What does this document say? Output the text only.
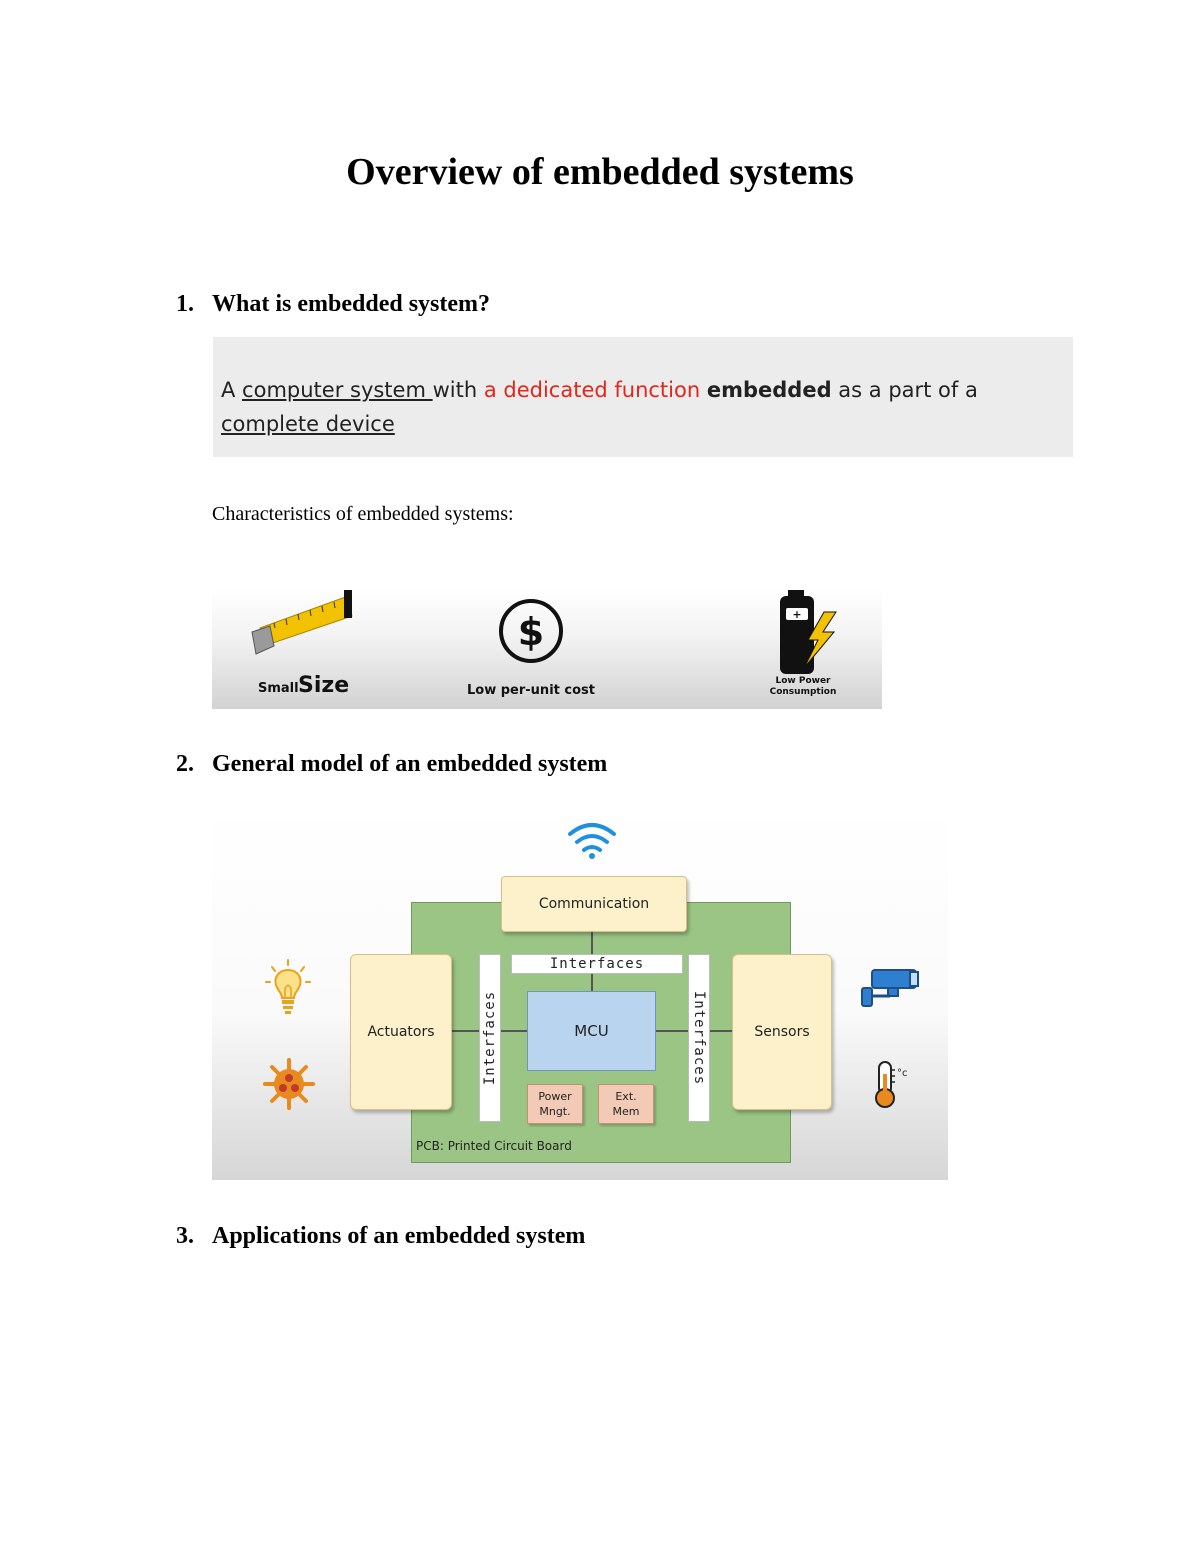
Overview of embedded systems
1. What is embedded system?
A computer system with a dedicated function embedded as a part of a
complete device
Characteristics of embedded systems:
Small Size
$
Low per-unit cost
+
Low Power
Consumption
2. General model of an embedded system
Communication
Interfaces
Interfaces	Interfaces
MCU
Power
Mngt.
Ext.
Mem
Actuators	Sensors
PCB: Printed Circuit Board
°c
3. Applications of an embedded system
